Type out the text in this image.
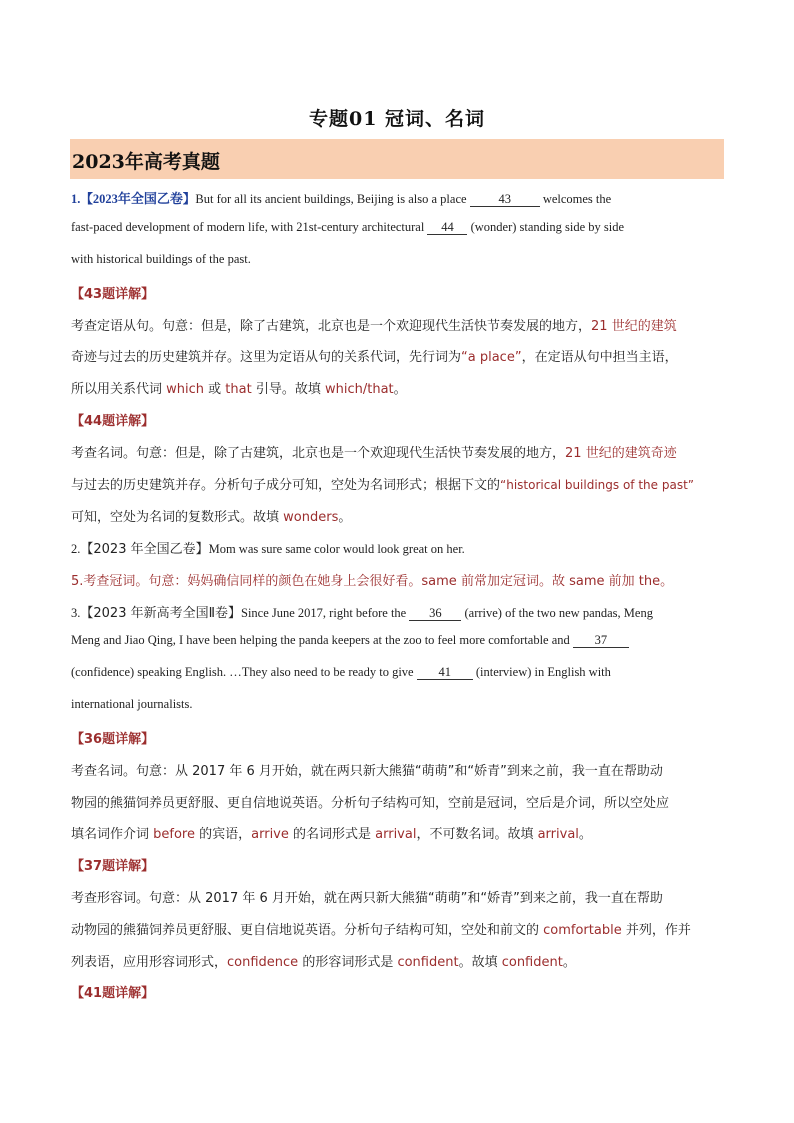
专题01 冠词、名词
2023年高考真题
1.【2023年全国乙卷】But for all its ancient buildings, Beijing is also a place 43 welcomes the
fast-paced development of modern life, with 21st-century architectural 44 (wonder) standing side by side
with historical buildings of the past.
【43题详解】
考查定语从句。句意：但是，除了古建筑，北京也是一个欢迎现代生活快节奏发展的地方，21 世纪的建筑
奇迹与过去的历史建筑并存。这里为定语从句的关系代词，先行词为“a place”，在定语从句中担当主语，
所以用关系代词 which 或 that 引导。故填 which/that。
【44题详解】
考查名词。句意：但是，除了古建筑，北京也是一个欢迎现代生活快节奏发展的地方，21 世纪的建筑奇迹
与过去的历史建筑并存。分析句子成分可知，空处为名词形式；根据下文的“historical buildings of the past”
可知，空处为名词的复数形式。故填 wonders。
2.【2023 年全国乙卷】Mom was sure same color would look great on her.
5.考查冠词。句意：妈妈确信同样的颜色在她身上会很好看。same 前常加定冠词。故 same 前加 the。
3.【2023 年新高考全国Ⅱ卷】Since June 2017, right before the 36 (arrive) of the two new pandas, Meng
Meng and Jiao Qing, I have been helping the panda keepers at the zoo to feel more comfortable and 37
(confidence) speaking English. …They also need to be ready to give 41 (interview) in English with
international journalists.
【36题详解】
考查名词。句意：从 2017 年 6 月开始，就在两只新大熊猫“萌萌”和“娇青”到来之前，我一直在帮助动
物园的熊猫饲养员更舒服、更自信地说英语。分析句子结构可知，空前是冠词，空后是介词，所以空处应
填名词作介词 before 的宾语，arrive 的名词形式是 arrival，不可数名词。故填 arrival。
【37题详解】
考查形容词。句意：从 2017 年 6 月开始，就在两只新大熊猫“萌萌”和“娇青”到来之前，我一直在帮助
动物园的熊猫饲养员更舒服、更自信地说英语。分析句子结构可知，空处和前文的 comfortable 并列，作并
列表语，应用形容词形式，confidence 的形容词形式是 confident。故填 confident。
【41题详解】
